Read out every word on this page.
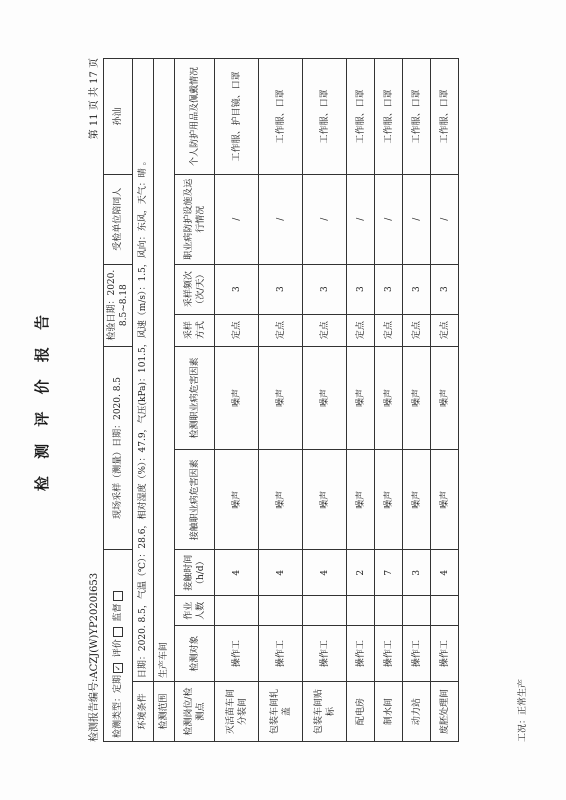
检 测 评 价 报 告
检测报告编号:ACZJ(W)YP2020I653
第 11 页 共 17 页
检测类型：定期✓  评价  监督				现场采样（测量）日期：2020. 8.5		检验日期：2020. 8.5~8.18		受检单位陪同人	孙汕
环境条件	日期：2020. 8.5，气温（℃）：28.6，相对湿度（%）：47.9，气压(kPa)：101.5，风速（m/s）：1.5，风向：东风，天气：晴 。								
检测范围	生产车间								
检测岗位/检测点	检测对象	作业人数	接触时间（h/d）	接触职业病危害因素	检测职业病危害因素	采样方式	采样频次（次/天）	职业病防护设施及运行情况	个人防护用品及佩戴情况
灭活苗车间分装间	操作工		4	噪声	噪声	定点	3	/	工作服、护目镜、口罩
包装车间轧盖	操作工		4	噪声	噪声	定点	3	/	工作服、口罩
包装车间贴标	操作工		4	噪声	噪声	定点	3	/	工作服、口罩
配电房	操作工		2	噪声	噪声	定点	3	/	工作服、口罩
制水间	操作工		7	噪声	噪声	定点	3	/	工作服、口罩
动力站	操作工		3	噪声	噪声	定点	3	/	工作服、口罩
废胚处理间	操作工		4	噪声	噪声	定点	3	/	工作服、口罩
工况：正常生产
